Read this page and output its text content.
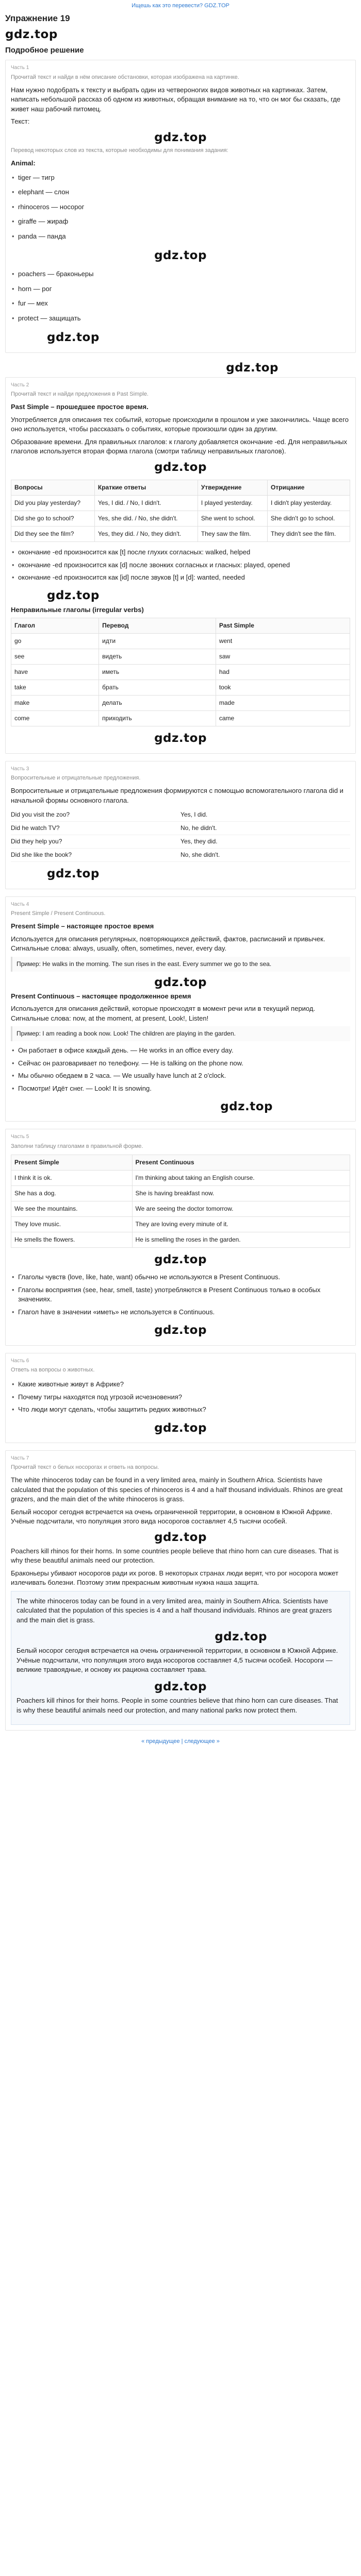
Ищешь как это перевести? GDZ.TOP
Упражнение 19
gdz.top
Подробное решение
Часть 1
Прочитай текст и найди в нём описание обстановки, которая изображена на картинке.

Нам нужно подобрать к тексту и выбрать один из четвероногих видов животных на картинках. Затем, написать небольшой рассказ об одном из животных, обращая внимание на то, что он мог бы сказать, где живет наш рабочий питомец.

Текст:

gdz.top

Перевод некоторых слов из текста, которые необходимы для понимания задания:

Animal:
• tiger — тигр
• elephant — слон
• rhinoceros — носорог
• giraffe — жираф
• panda — панда
gdz.top
• poachers — браконьеры
• horn — рог
• fur — мех
• protect — защищать
gdz.top
gdz.top
Часть 2
Прочитай текст и найди предложения в Past Simple.

Past Simple – прошедшее простое время.

Употребляется для описания тех событий, которые происходили в прошлом и уже закончились. Чаще всего оно используется, чтобы рассказать о событиях, которые произошли один за другим.

Образование времени. Для правильных глаголов: к глаголу добавляется окончание -ed. Для неправильных глаголов используется вторая форма глагола (смотри таблицу неправильных глаголов).

gdz.top
Вопросы	Краткие ответы	Утверждение	Отрицание
Did you play yesterday?	Yes, I did. / No, I didn't.	I played yesterday.	I didn't play yesterday.
Did she go to school?	Yes, she did. / No, she didn't.	She went to school.	She didn't go to school.
Did they see the film?	Yes, they did. / No, they didn't.	They saw the film.	They didn't see the film.
• окончание -ed произносится как [t] после глухих согласных: walked, helped
• окончание -ed произносится как [d] после звонких согласных и гласных: played, opened
• окончание -ed произносится как [id] после звуков [t] и [d]: wanted, needed
gdz.top

Неправильные глаголы (irregular verbs)

Глагол	Перевод	Past Simple
go	идти	went
see	видеть	saw
have	иметь	had
take	брать	took
make	делать	made
come	приходить	came
gdz.top
Часть 3
Вопросительные и отрицательные предложения.

Вопросительные и отрицательные предложения формируются с помощью вспомогательного глагола did и начальной формы основного глагола.

Did you visit the zoo?	Yes, I did.
Did he watch TV?	No, he didn't.
Did they help you?	Yes, they did.
Did she like the book?	No, she didn't.
gdz.top
Часть 4
Present Simple / Present Continuous.

Present Simple – настоящее простое время

Используется для описания регулярных, повторяющихся действий, фактов, расписаний и привычек. Сигнальные слова: always, usually, often, sometimes, never, every day.

Пример: He walks in the morning. The sun rises in the east. Every summer we go to the sea.
gdz.top

Present Continuous – настоящее продолженное время

Используется для описания действий, которые происходят в момент речи или в текущий период. Сигнальные слова: now, at the moment, at present, Look!, Listen!

Пример: I am reading a book now. Look! The children are playing in the garden.
• Он работает в офисе каждый день. — He works in an office every day.
• Сейчас он разговаривает по телефону. — He is talking on the phone now.
• Мы обычно обедаем в 2 часа. — We usually have lunch at 2 o'clock.
• Посмотри! Идёт снег. — Look! It is snowing.
gdz.top
Часть 5
Заполни таблицу глаголами в правильной форме.
Present Simple	Present Continuous
I think it is ok.	I'm thinking about taking an English course.
She has a dog.	She is having breakfast now.
We see the mountains.	We are seeing the doctor tomorrow.
They love music.	They are loving every minute of it.
He smells the flowers.	He is smelling the roses in the garden.
gdz.top
• Глаголы чувств (love, like, hate, want) обычно не используются в Present Continuous.
• Глаголы восприятия (see, hear, smell, taste) употребляются в Present Continuous только в особых значениях.
• Глагол have в значении «иметь» не используется в Continuous.
gdz.top
Часть 6
Ответь на вопросы о животных.
• Какие животные живут в Африке?
• Почему тигры находятся под угрозой исчезновения?
• Что люди могут сделать, чтобы защитить редких животных?
gdz.top
Часть 7
Прочитай текст о белых носорогах и ответь на вопросы.

The white rhinoceros today can be found in a very limited area, mainly in Southern Africa. Scientists have calculated that the population of this species of rhinoceros is 4 and a half thousand individuals. Rhinos are great grazers, and the main diet of the white rhinoceros is grass.

Белый носорог сегодня встречается на очень ограниченной территории, в основном в Южной Африке. Учёные подсчитали, что популяция этого вида носорогов составляет 4,5 тысячи особей.

gdz.top

Poachers kill rhinos for their horns. In some countries people believe that rhino horn can cure diseases. That is why these beautiful animals need our protection.

Браконьеры убивают носорогов ради их рогов. В некоторых странах люди верят, что рог носорога может излечивать болезни. Поэтому этим прекрасным животным нужна наша защита.

The white rhinoceros today can be found in a very limited area, mainly in Southern Africa. Scientists have calculated that the population of this species is 4 and a half thousand individuals. Rhinos are great grazers and the main diet is grass.

gdz.top

Белый носорог сегодня встречается на очень ограниченной территории, в основном в Южной Африке. Учёные подсчитали, что популяция этого вида носорогов составляет 4,5 тысячи особей. Носороги — великие травоядные, и основу их рациона составляет трава.

gdz.top

Poachers kill rhinos for their horns. People in some countries believe that rhino horn can cure diseases. That is why these beautiful animals need our protection, and many national parks now protect them.

« предыдущее | следующее »
